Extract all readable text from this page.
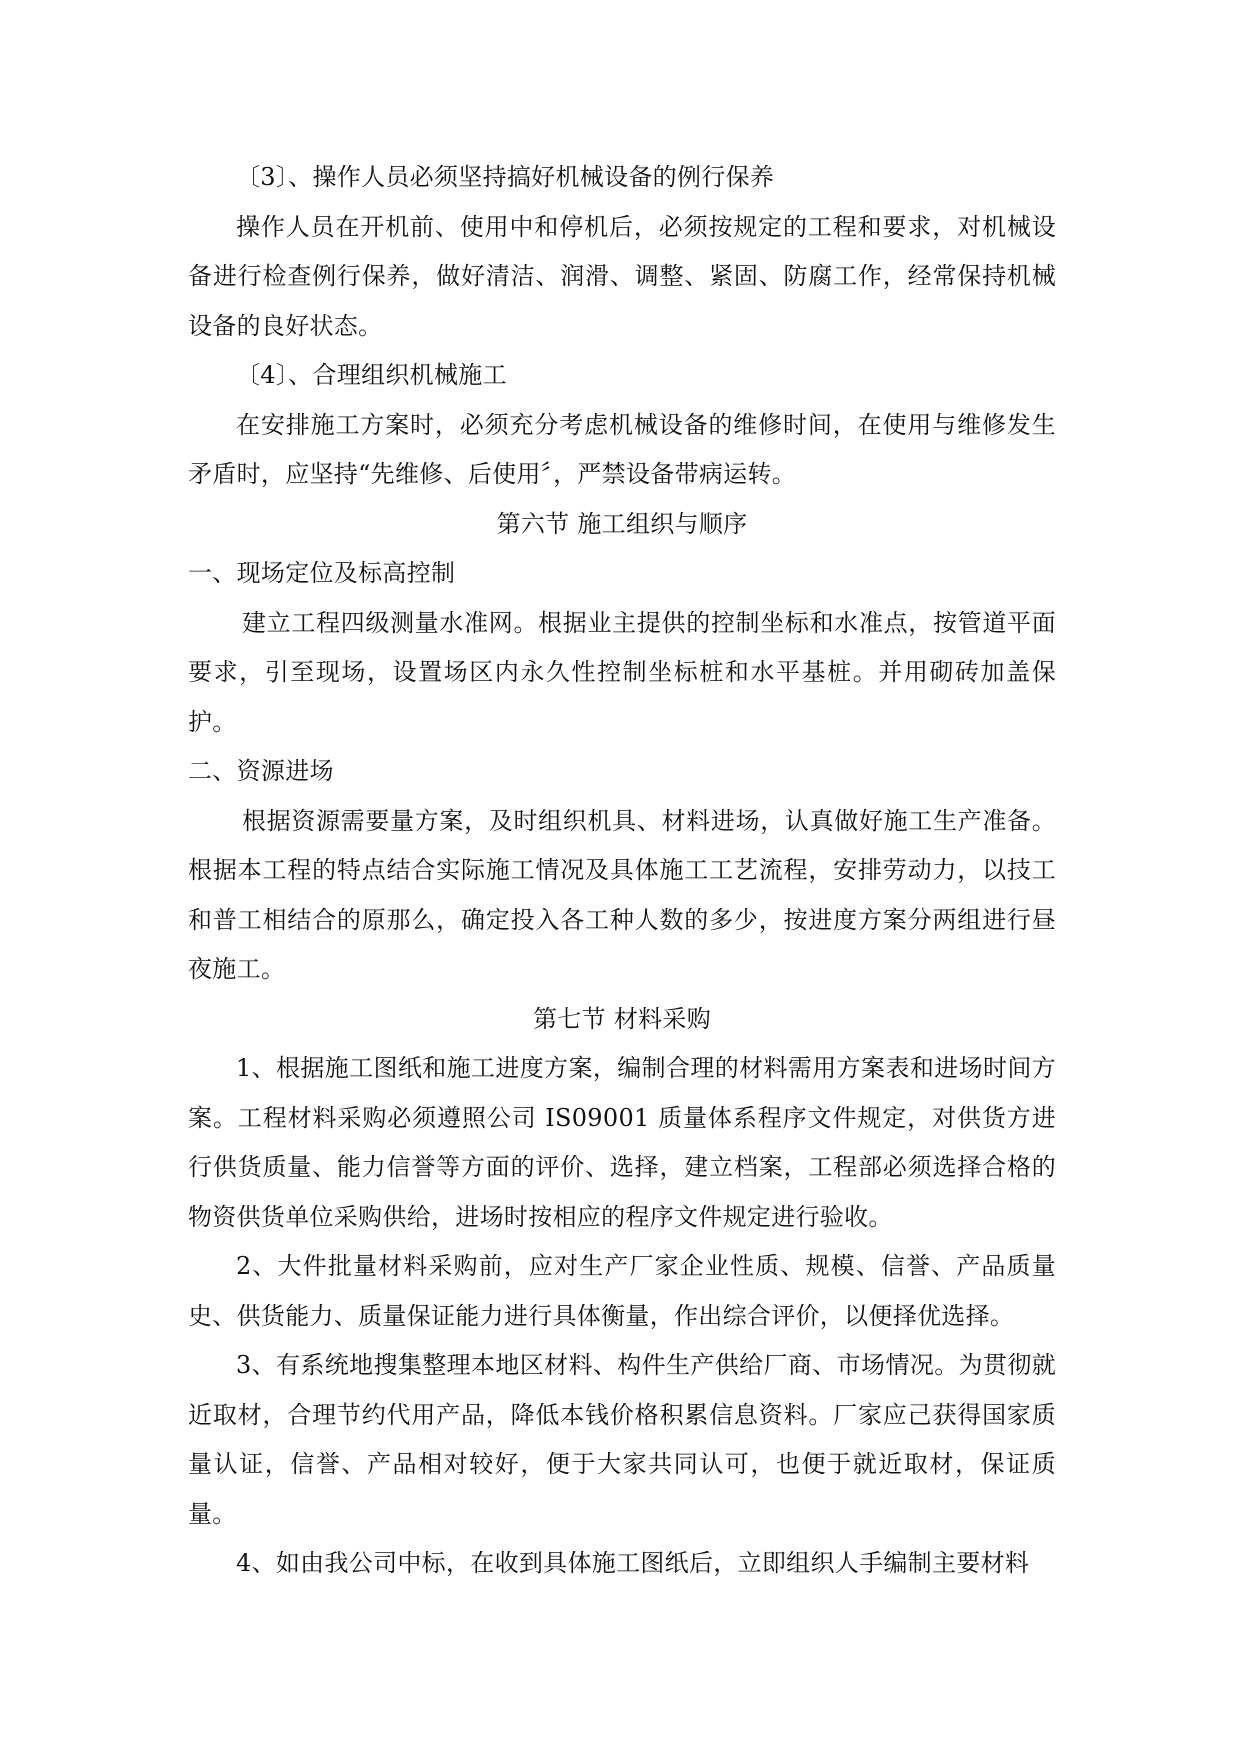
〔3〕、操作人员必须坚持搞好机械设备的例行保养

操作人员在开机前、使用中和停机后，必须按规定的工程和要求，对机械设备进行检查例行保养，做好清洁、润滑、调整、紧固、防腐工作，经常保持机械设备的良好状态。

〔4〕、合理组织机械施工

在安排施工方案时，必须充分考虑机械设备的维修时间，在使用与维修发生矛盾时，应坚持“先维修、后使用〞，严禁设备带病运转。

第六节 施工组织与顺序

一、现场定位及标高控制

建立工程四级测量水准网。根据业主提供的控制坐标和水准点，按管道平面要求，引至现场，设置场区内永久性控制坐标桩和水平基桩。并用砌砖加盖保护。

二、资源进场

根据资源需要量方案，及时组织机具、材料进场，认真做好施工生产准备。根据本工程的特点结合实际施工情况及具体施工工艺流程，安排劳动力，以技工和普工相结合的原那么，确定投入各工种人数的多少，按进度方案分两组进行昼夜施工。

第七节 材料采购

1、根据施工图纸和施工进度方案，编制合理的材料需用方案表和进场时间方案。工程材料采购必须遵照公司 IS09001 质量体系程序文件规定，对供货方进行供货质量、能力信誉等方面的评价、选择，建立档案，工程部必须选择合格的物资供货单位采购供给，进场时按相应的程序文件规定进行验收。

2、大件批量材料采购前，应对生产厂家企业性质、规模、信誉、产品质量史、供货能力、质量保证能力进行具体衡量，作出综合评价，以便择优选择。

3、有系统地搜集整理本地区材料、构件生产供给厂商、市场情况。为贯彻就近取材，合理节约代用产品，降低本钱价格积累信息资料。厂家应己获得国家质量认证，信誉、产品相对较好，便于大家共同认可，也便于就近取材，保证质量。

4、如由我公司中标，在收到具体施工图纸后，立即组织人手编制主要材料
